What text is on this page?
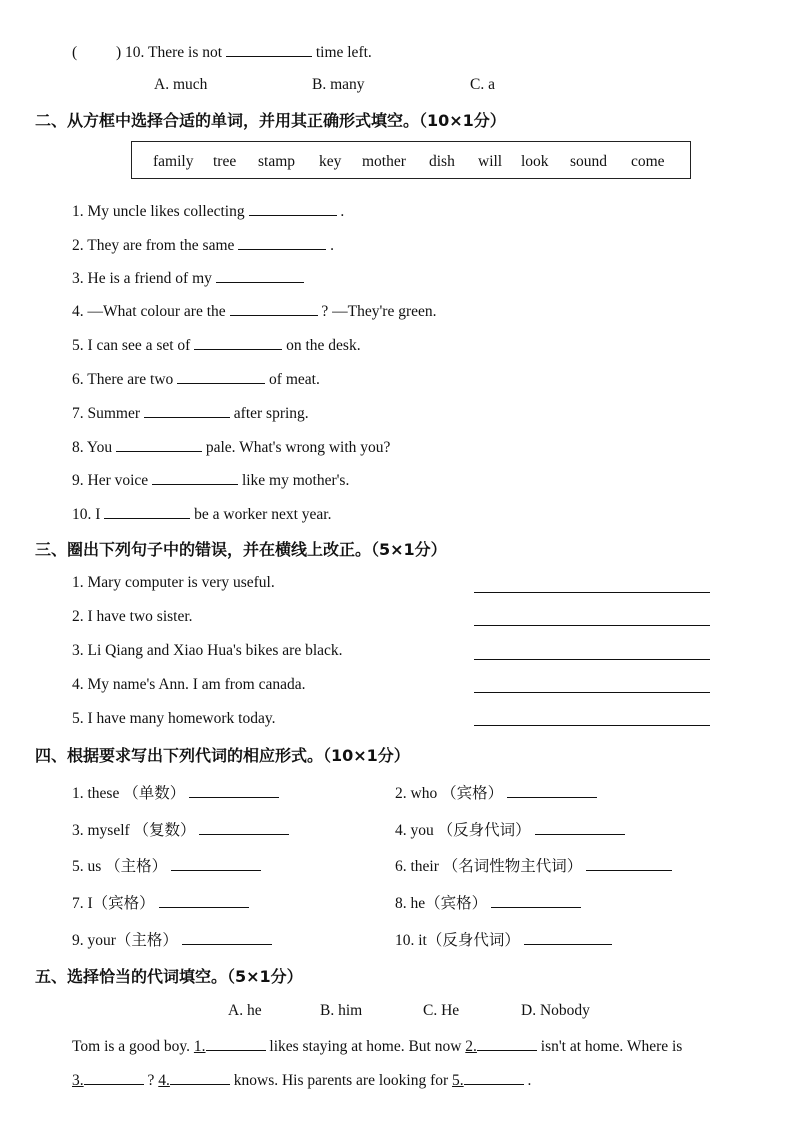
(	) 10. There is not	time left.
A. much	B. many	C. a
二、从方框中选择合适的单词，并用其正确形式填空。（10×1分）
family tree stamp key mother dish will look sound come
1. My uncle likes collecting	.
2. They are from the same	.
3. He is a friend of my
4. —What colour are the	? —They're green.
5. I can see a set of	on the desk.
6. There are two	of meat.
7. Summer	after spring.
8. You	pale. What's wrong with you?
9. Her voice	like my mother's.
10. I	be a worker next year.
三、圈出下列句子中的错误，并在横线上改正。（5×1分）
1. Mary computer is very useful.
2. I have two sister.
3. Li Qiang and Xiao Hua's bikes are black.
4. My name's Ann. I am from canada.
5. I have many homework today.
四、根据要求写出下列代词的相应形式。（10×1分）
1. these （单数）	2. who （宾格）
3. myself （复数）	4. you （反身代词）
5. us （主格）	6. their （名词性物主代词）
7. I（宾格）	8. he（宾格）
9. your（主格）	10. it（反身代词）
五、选择恰当的代词填空。（5×1分）
A. he	B. him	C. He	D. Nobody
Tom is a good boy. 1.	likes staying at home. But now 2.	isn't at home. Where is
3.	? 4.	knows. His parents are looking for 5.	.
